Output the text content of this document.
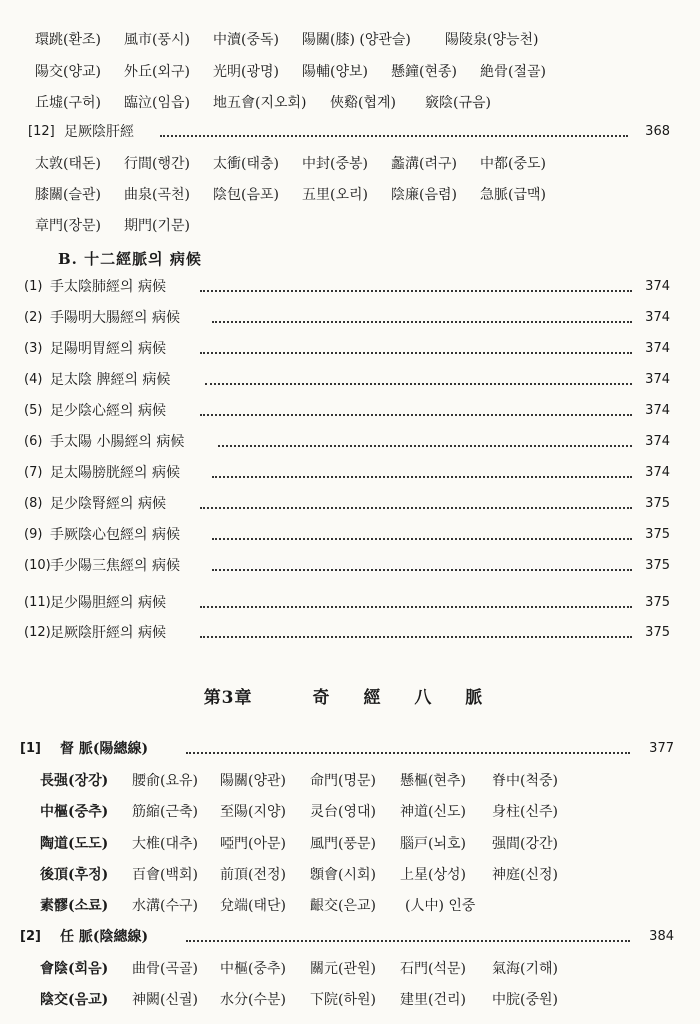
環跳(환조) 風市(풍시) 中瀆(중독) 陽關(膝) (양관슬) 陽陵泉(양능천)
陽交(양교) 外丘(외구) 光明(광명) 陽輔(양보) 懸鐘(현종) 絶骨(절골)
丘墟(구허) 臨泣(임읍) 地五會(지오회) 俠谿(협계) 竅陰(규음)
[12] 足厥陰肝經	368
太敦(태돈) 行間(행간) 太衝(태충) 中封(중봉) 蠡溝(려구) 中都(중도)
膝關(슬관) 曲泉(곡천) 陰包(음포) 五里(오리) 陰廉(음렴) 急脈(급맥)
章門(장문) 期門(기문)
B. 十二經脈의 病候
(1) 手太陰肺經의 病候	374
(2) 手陽明大腸經의 病候	374
(3) 足陽明胃經의 病候	374
(4) 足太陰 脾經의 病候	374
(5) 足少陰心經의 病候	374
(6) 手太陽 小腸經의 病候	374
(7) 足太陽膀胱經의 病候	374
(8) 足少陰腎經의 病候	375
(9) 手厥陰心包經의 病候	375
(10) 手少陽三焦經의 病候	375
(11) 足少陽胆經의 病候	375
(12) 足厥陰肝經의 病候	375
第3章	奇 經 八 脈
[1] 督 脈(陽總線)	377
長强(장강) 腰俞(요유) 陽關(양관) 命門(명문) 懸樞(현추) 脊中(척중)
中樞(중추) 筋縮(근축) 至陽(지양) 灵台(영대) 神道(신도) 身柱(신주)
陶道(도도) 大椎(대추) 啞門(아문) 風門(풍문) 腦戸(뇌호) 强間(강간)
後頂(후정) 百會(백회) 前頂(전정) 顖會(시회) 上星(상성) 神庭(신정)
素髎(소료) 水溝(수구) 兌端(태단) 齦交(은교) (人中) 인중
[2] 任 脈(陰總線)	384
會陰(회음) 曲骨(곡골) 中樞(중추) 關元(관원) 石門(석문) 氣海(기해)
陰交(음교) 神闕(신궐) 水分(수분) 下院(하원) 建里(건리) 中脘(중원)
